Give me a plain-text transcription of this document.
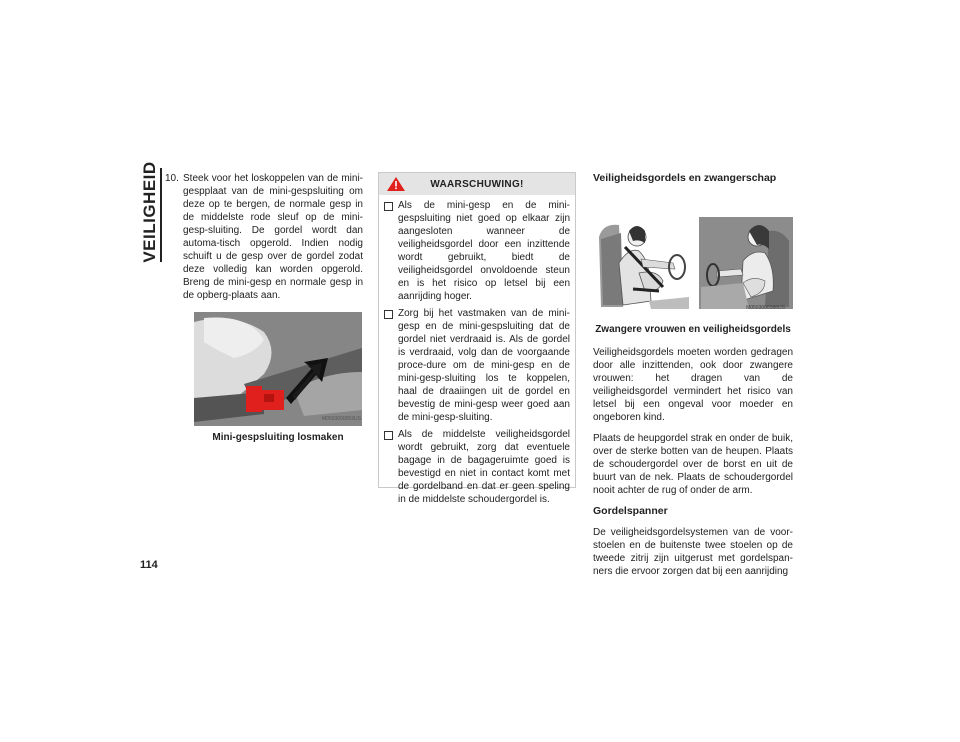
VEILIGHEID 10. Steek voor het loskoppelen van de mini-gespplaat van de mini-gespsluiting om deze op te bergen, de normale gesp in de middelste rode sleuf op de mini-gesp-sluiting. De gordel wordt dan automa-tisch opgerold. Indien nodig schuift u de gesp over de gordel zodat deze volledig kan worden opgerold. Breng de mini-gesp en normale gesp in de opberg-plaats aan.
M0503000053US
Mini-gespsluiting losmaken
WAARSCHUWING!
Als de mini-gesp en de mini-gespsluiting niet goed op elkaar zijn aangesloten wanneer de veiligheidsgordel door een inzittende wordt gebruikt, biedt de veiligheidsgordel onvoldoende steun en is het risico op letsel bij een aanrijding hoger.
Zorg bij het vastmaken van de mini-gesp en de mini-gespsluiting dat de gordel niet verdraaid is. Als de gordel is verdraaid, volg dan de voorgaande proce-dure om de mini-gesp en de mini-gesp-sluiting los te koppelen, haal de draaiingen uit de gordel en bevestig de mini-gesp weer goed aan de mini-gesp-sluiting.
Als de middelste veiligheidsgordel wordt gebruikt, zorg dat eventuele bagage in de bagageruimte goed is bevestigd en niet in contact komt met de gordelband en dat er geen speling in de middelste schoudergordel is.
Veiligheidsgordels en zwangerschap
M0503000388US
Zwangere vrouwen en veiligheidsgordels
Veiligheidsgordels moeten worden gedragen door alle inzittenden, ook door zwangere vrouwen: het dragen van de veiligheidsgordel vermindert het risico van letsel bij een ongeval voor moeder en ongeboren kind.
Plaats de heupgordel strak en onder de buik, over de sterke botten van de heupen. Plaats de schoudergordel over de borst en uit de buurt van de nek. Plaats de schoudergordel nooit achter de rug of onder de arm.
Gordelspanner
De veiligheidsgordelsystemen van de voor-stoelen en de buitenste twee stoelen op de tweede zitrij zijn uitgerust met gordelspan-ners die ervoor zorgen dat bij een aanrijding
114
